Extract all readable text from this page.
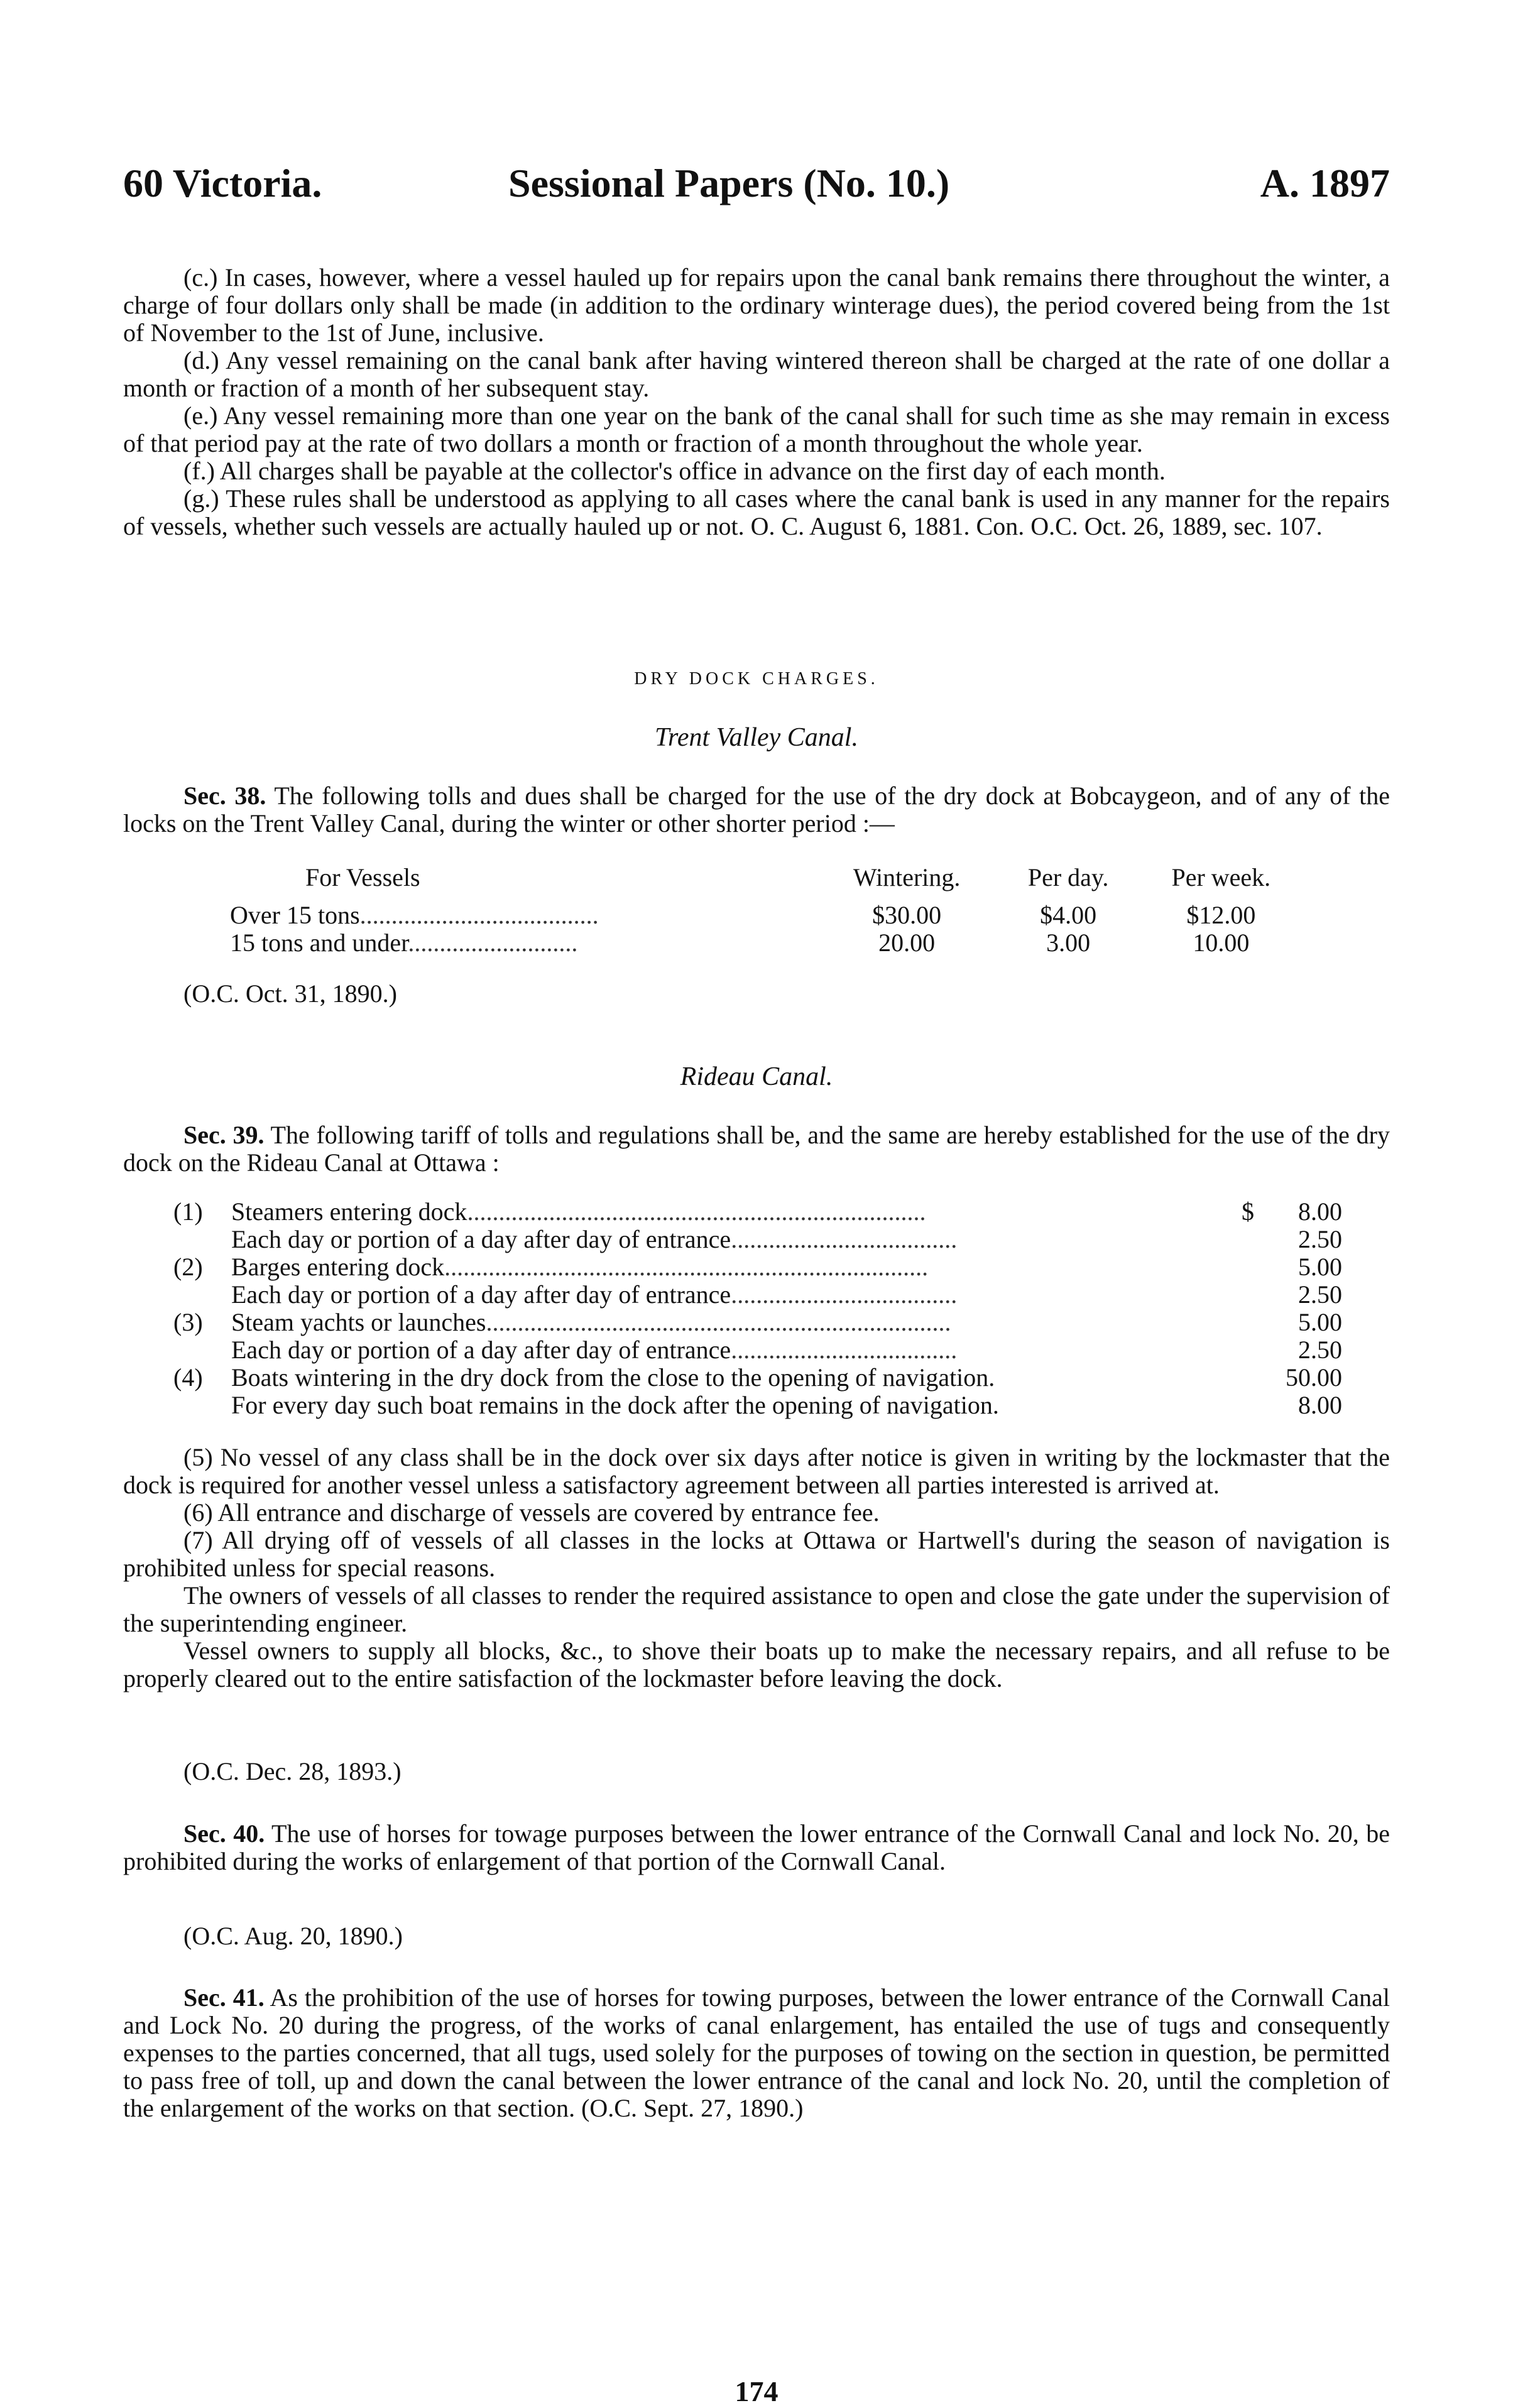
60 Victoria.	Sessional Papers (No. 10.)	A. 1897

(c.) In cases, however, where a vessel hauled up for repairs upon the canal bank remains there throughout the winter, a charge of four dollars only shall be made (in addition to the ordinary winterage dues), the period covered being from the 1st of November to the 1st of June, inclusive.

(d.) Any vessel remaining on the canal bank after having wintered thereon shall be charged at the rate of one dollar a month or fraction of a month of her subsequent stay.

(e.) Any vessel remaining more than one year on the bank of the canal shall for such time as she may remain in excess of that period pay at the rate of two dollars a month or fraction of a month throughout the whole year.

(f.) All charges shall be payable at the collector's office in advance on the first day of each month.

(g.) These rules shall be understood as applying to all cases where the canal bank is used in any manner for the repairs of vessels, whether such vessels are actually hauled up or not. O. C. August 6, 1881. Con. O.C. Oct. 26, 1889, sec. 107.

DRY DOCK CHARGES.
Trent Valley Canal.

Sec. 38. The following tolls and dues shall be charged for the use of the dry dock at Bobcaygeon, and of any of the locks on the Trent Valley Canal, during the winter or other shorter period :—

For Vessels	Wintering.	Per day.	Per week.

Over 15 tons......................................	$30.00	$4.00	$12.00
15 tons and under...........................	20.00	3.00	10.00

(O.C. Oct. 31, 1890.)

Rideau Canal.

Sec. 39. The following tariff of tolls and regulations shall be, and the same are hereby established for the use of the dry dock on the Rideau Canal at Ottawa :

(1)	Steamers entering dock.........................................................................	$	8.00
	Each day or portion of a day after day of entrance....................................		2.50
(2)	Barges entering dock.............................................................................		5.00
	Each day or portion of a day after day of entrance....................................		2.50
(3)	Steam yachts or launches..........................................................................		5.00
	Each day or portion of a day after day of entrance....................................		2.50
(4)	Boats wintering in the dry dock from the close to the opening of navigation.		50.00
	For every day such boat remains in the dock after the opening of navigation.		8.00

(5) No vessel of any class shall be in the dock over six days after notice is given in writing by the lockmaster that the dock is required for another vessel unless a satisfactory agreement between all parties interested is arrived at.

(6) All entrance and discharge of vessels are covered by entrance fee.

(7) All drying off of vessels of all classes in the locks at Ottawa or Hartwell's during the season of navigation is prohibited unless for special reasons.

The owners of vessels of all classes to render the required assistance to open and close the gate under the supervision of the superintending engineer.

Vessel owners to supply all blocks, &c., to shove their boats up to make the necessary repairs, and all refuse to be properly cleared out to the entire satisfaction of the lockmaster before leaving the dock.

(O.C. Dec. 28, 1893.)

Sec. 40. The use of horses for towage purposes between the lower entrance of the Cornwall Canal and lock No. 20, be prohibited during the works of enlargement of that portion of the Cornwall Canal.

(O.C. Aug. 20, 1890.)

Sec. 41. As the prohibition of the use of horses for towing purposes, between the lower entrance of the Cornwall Canal and Lock No. 20 during the progress, of the works of canal enlargement, has entailed the use of tugs and consequently expenses to the parties concerned, that all tugs, used solely for the purposes of towing on the section in question, be permitted to pass free of toll, up and down the canal between the lower entrance of the canal and lock No. 20, until the completion of the enlargement of the works on that section. (O.C. Sept. 27, 1890.)

174
